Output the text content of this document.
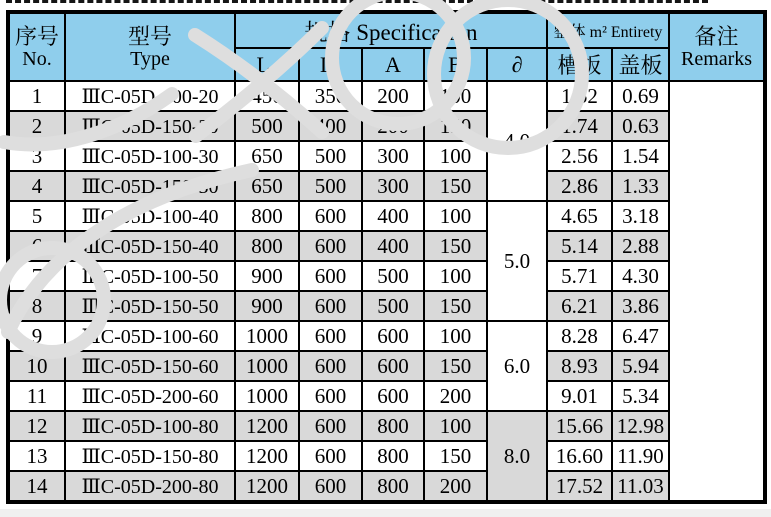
序号
No.	型号
Type	规格 Specification					整体 m² Entirety		备注
Remarks

		L₁	L₂	A	B	∂	槽板	盖板	
1	ⅢC-05D-100-20	450	350	200	100	4.0	1.52	0.69	
2	ⅢC-05D-150-20	500	400	200	150		1.74	0.63	
3	ⅢC-05D-100-30	650	500	300	100		2.56	1.54	
4	ⅢC-05D-150-30	650	500	300	150		2.86	1.33	
5	ⅢC-05D-100-40	800	600	400	100	5.0	4.65	3.18	
6	ⅢC-05D-150-40	800	600	400	150		5.14	2.88	
7	ⅢC-05D-100-50	900	600	500	100		5.71	4.30	
8	ⅢC-05D-150-50	900	600	500	150		6.21	3.86	
9	ⅢC-05D-100-60	1000	600	600	100	6.0	8.28	6.47	
10	ⅢC-05D-150-60	1000	600	600	150		8.93	5.94	
11	ⅢC-05D-200-60	1000	600	600	200		9.01	5.34	
12	ⅢC-05D-100-80	1200	600	800	100	8.0	15.66	12.98	
13	ⅢC-05D-150-80	1200	600	800	150		16.60	11.90	
14	ⅢC-05D-200-80	1200	600	800	200		17.52	11.03	
